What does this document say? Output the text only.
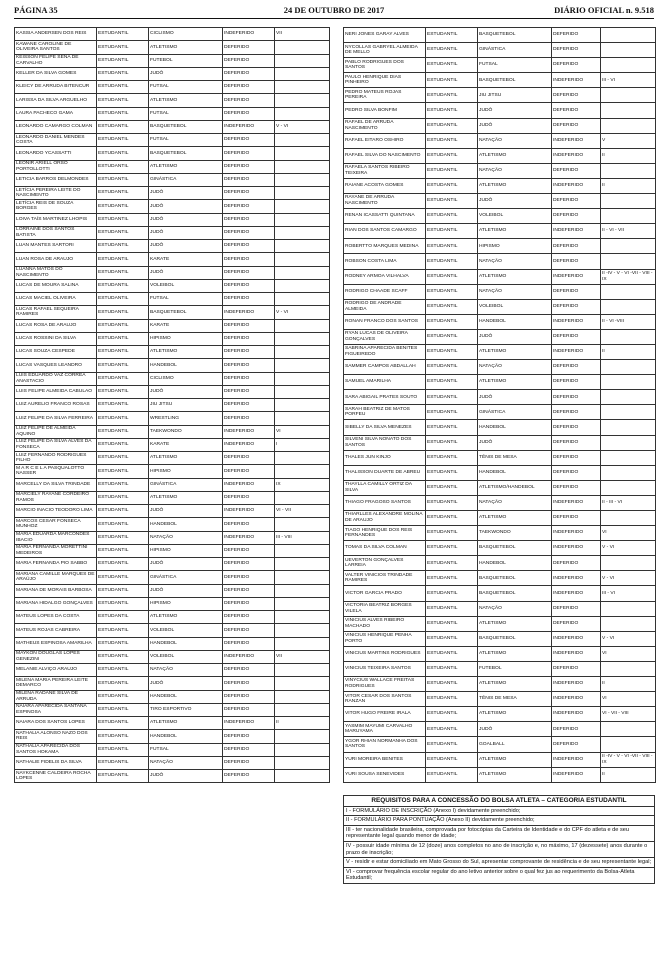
PÁGINA 35	24 DE OUTUBRO DE 2017	DIÁRIO OFICIAL n. 9.518
KASSIA ANDERSEN DOS REIS	ESTUDANTIL	CICLISMO	INDEFERIDO	VII
KAWANE CAROLINE DE OLIVEIRA SANTOS	ESTUDANTIL	ATLETISMO	DEFERIDO	
KEISSON FELIPE SENA DE CARVALHO	ESTUDANTIL	FUTEBOL	DEFERIDO	
KELLER DA SILVA GOMES	ESTUDANTIL	JUDÔ	DEFERIDO	
KLEICY DE ARRUDA BITENCUR	ESTUDANTIL	FUTSAL	DEFERIDO	
LARISSA DA SILVA ARGUELHO	ESTUDANTIL	ATLETISMO	DEFERIDO	
LAURA PACHECO GAMA	ESTUDANTIL	FUTSAL	DEFERIDO	
LEONARDO CAMARGO COLMAN	ESTUDANTIL	BASQUETEBOL	INDEFERIDO	V - VI
LEONARDO DANIEL MENDES COSTA	ESTUDANTIL	FUTSAL	DEFERIDO	
LEONARDO YCASSATTI	ESTUDANTIL	BASQUETEBOL	DEFERIDO	
LEONIR ARIELL ORSO PORTOLLOTTI	ESTUDANTIL	ATLETISMO	DEFERIDO	
LETICIA BARROS DELMONDES	ESTUDANTIL	GINÁSTICA	DEFERIDO	
LETÍCIA PEREIRA LEITE DO NASCIMENTO	ESTUDANTIL	JUDÔ	DEFERIDO	
LETÍCIA REIS DE SOUZA BORGES	ESTUDANTIL	JUDÔ	DEFERIDO	
LOIVA TAÍS MARTINEZ LHOPIS	ESTUDANTIL	JUDÔ	DEFERIDO	
LORRAINE DOS SANTOS BATISTA	ESTUDANTIL	JUDÔ	DEFERIDO	
LUAN MANTES SARTORI	ESTUDANTIL	JUDÔ	DEFERIDO	
LUAN ROSA DE ARAUJO	ESTUDANTIL	KARATE	DEFERIDO	
LUANNA MATOS DO NASCIMENTO	ESTUDANTIL	JUDÔ	DEFERIDO	
LUCAS DE MOURA SALINA	ESTUDANTIL	VOLEIBOL	DEFERIDO	
LUCAS MACIEL OLIVEIRA	ESTUDANTIL	FUTSAL	DEFERIDO	
LUCAS RAFAEL SEQUEIRA RAMIRES	ESTUDANTIL	BASQUETEBOL	INDEFERIDO	V - VI
LUCAS ROSA DE ARAUJO	ESTUDANTIL	KARATE	DEFERIDO	
LUCAS ROSSINI DA SILVA	ESTUDANTIL	HIPISMO	DEFERIDO	
LUCAS SOUZA CESPEDE	ESTUDANTIL	ATLETISMO	DEFERIDO	
LUCAS VASQUES LEANDRO	ESTUDANTIL	HANDEBOL	DEFERIDO	
LUIS EDUARDO VAZ CORREA ANASTACIO	ESTUDANTIL	CICLISMO	DEFERIDO	
LUIS FELIPE ALMEIDA CABULAO	ESTUDANTIL	JUDÔ	DEFERIDO	
LUIZ AURELIO FRANCO ROSAS	ESTUDANTIL	JIU JITSU	DEFERIDO	
LUIZ FELIPE DA SILVA FERREIRA	ESTUDANTIL	WRESTLING	DEFERIDO	
LUIZ FELIPE DE ALMEIDA AQUINO	ESTUDANTIL	TAEKWONDO	INDEFERIDO	VI
LUIZ FELIPE DA SILVA ALVES DA FONSECA	ESTUDANTIL	KARATE	INDEFERIDO	I
LUIZ FERNANDO RODRIGUES FILHO	ESTUDANTIL	ATLETISMO	DEFERIDO	
M A R C E L A PASQUALOTTO NASSER	ESTUDANTIL	HIPISMO	DEFERIDO	
MARCELLY DA SILVA TRINDADE	ESTUDANTIL	GINÁSTICA	INDEFERIDO	IX
MARCIELY RAYANE CORDEIRO RAMOS	ESTUDANTIL	ATLETISMO	DEFERIDO	
MARCIO INACIO TEODORO LIMA	ESTUDANTIL	JUDÔ	INDEFERIDO	VI - VII
MARCOS CESAR FONSECA MUNHOZ	ESTUDANTIL	HANDEBOL	DEFERIDO	
MARIA EDUARDA MARCONDES IBACIO	ESTUDANTIL	NATAÇÃO	INDEFERIDO	III - VIII
MARIA FERNANDA MORETTINI MEDEIROS	ESTUDANTIL	HIPISMO	DEFERIDO	
MARIA FERNANDA PIO SABBO	ESTUDANTIL	JUDÔ	DEFERIDO	
MARIANA CAMILLE MARQUES DE ARAÚJO	ESTUDANTIL	GINÁSTICA	DEFERIDO	
MARIANA DE MORAIS BARBOSA	ESTUDANTIL	JUDÔ	DEFERIDO	
MARIANA HIDALGO GONÇALVES	ESTUDANTIL	HIPISMO	DEFERIDO	
MATEUS LOPES DA COSTA	ESTUDANTIL	ATLETISMO	DEFERIDO	
MATEUS ROJAS CABREIRA	ESTUDANTIL	VOLEIBOL	DEFERIDO	
MATHEUS ESPINOSA AMARILHA	ESTUDANTIL	HANDEBOL	DEFERIDO	
MAYKON DOUGLAS LOPES GENEZINI	ESTUDANTIL	VOLEIBOL	INDEFERIDO	VII
MELANIE ALVIÇO ARAUJO	ESTUDANTIL	NATAÇÃO	DEFERIDO	
MILENA MARIA PEREIRA LEITE DEMARCO	ESTUDANTIL	JUDÔ	DEFERIDO	
MILENA RADANE SILVA DE ARRUDA	ESTUDANTIL	HANDEBOL	DEFERIDO	
NAIARA APARECIDA SANTANA ESPINOSA	ESTUDANTIL	TIRO ESPORTIVO	DEFERIDO	
NAIARA DOS SANTOS LOPES	ESTUDANTIL	ATLETISMO	INDEFERIDO	II
NATHALIA ALONSO NAZO DOS REIS	ESTUDANTIL	HANDEBOL	DEFERIDO	
NATHALIA APARECIDA DOS SANTOS HOKAMA	ESTUDANTIL	FUTSAL	DEFERIDO	
NATHALIE FIDELIS DA SILVA	ESTUDANTIL	NATAÇÃO	DEFERIDO	
NAYKCENNE CALDEIRA ROCHA LOPES	ESTUDANTIL	JUDÔ	DEFERIDO	
NERI JONES GARAY ALVES	ESTUDANTIL	BASQUETEBOL	DEFERIDO	
NYCOLLAS GABRYEL ALMEIDA DE MELLO	ESTUDANTIL	GINÁSTICA	DEFERIDO	
PABLO RODRIGUES DOS SANTOS	ESTUDANTIL	FUTSAL	DEFERIDO	
PAULO HENRIQUE DIAS PINHEIRO	ESTUDANTIL	BASQUETEBOL	INDEFERIDO	III - VI
PEDRO MATEUS ROJAS PEREIRA	ESTUDANTIL	JIU JITSU	DEFERIDO	
PEDRO SILVA BONFIM	ESTUDANTIL	JUDÔ	DEFERIDO	
RAFAEL DE ARRUDA NASCIMENTO	ESTUDANTIL	JUDÔ	DEFERIDO	
RAFAEL EITARO OSHIRO	ESTUDANTIL	NATAÇÃO	INDEFERIDO	V
RAFAEL SILVA DO NASCIMENTO	ESTUDANTIL	ATLETISMO	INDEFERIDO	II
RAFAELA SANTOS RIBEIRO TEIXEIRA	ESTUDANTIL	NATAÇÃO	DEFERIDO	
RAIANE ACOSTA GOMES	ESTUDANTIL	ATLETISMO	INDEFERIDO	II
RAYANE DE ARRUDA NASCIMENTO	ESTUDANTIL	JUDÔ	DEFERIDO	
RENAN ICASSATTI QUINTANA	ESTUDANTIL	VOLEIBOL	DEFERIDO	
RIAN DOS SANTOS CAMARGO	ESTUDANTIL	ATLETISMO	INDEFERIDO	II - VI - VII
ROBERTTO MARQUES MEDINA	ESTUDANTIL	HIPISMO	DEFERIDO	
ROBSON COSTA LIMA	ESTUDANTIL	NATAÇÃO	DEFERIDO	
RODNEY ARMOA VILHALVA	ESTUDANTIL	ATLETISMO	INDEFERIDO	II -IV - V - VI -VII - VIII - IX
RODRIGO CHAADE SCAFF	ESTUDANTIL	NATAÇÃO	DEFERIDO	
RODRIGO DE ANDRADE ALMEIDA	ESTUDANTIL	VOLEIBOL	DEFERIDO	
RONAN FRANCO DOS SANTOS	ESTUDANTIL	HANDEBOL	INDEFERIDO	II - VI -VIII
RYAN LUCAS DE OLIVEIRA GONÇALVES	ESTUDANTIL	JUDÔ	DEFERIDO	
SABRINA APARECIDA BENITES FIGUEIREDO	ESTUDANTIL	ATLETISMO	INDEFERIDO	II
SAMMER CAMPOS ABDALLAH	ESTUDANTIL	NATAÇÃO	DEFERIDO	
SAMUEL AMARILHA	ESTUDANTIL	ATLETISMO	DEFERIDO	
SARA ABIGAIL PRATES SOUTO	ESTUDANTIL	JUDÔ	DEFERIDO	
SARAH BEATRIZ DE MATOS PORFEU	ESTUDANTIL	GINÁSTICA	DEFERIDO	
SIBELLY DA SILVA MENEZES	ESTUDANTIL	HANDEBOL	DEFERIDO	
SILVENI SILVA NONATO DOS SANTOS	ESTUDANTIL	JUDÔ	DEFERIDO	
THALES JUN KINJO	ESTUDANTIL	TÊNIS DE MESA	DEFERIDO	
THALISSON DUARTE DE ABREU	ESTUDANTIL	HANDEBOL	DEFERIDO	
THAYLLA CAMILLY ORTIZ DA SILVA	ESTUDANTIL	ATLETISMO/HANDEBOL	DEFERIDO	
THIAGO FRAGOSO SANTOS	ESTUDANTIL	NATAÇÃO	INDEFERIDO	II - III - VI
THIARLLES ALEXANDRE MOLINA DE ARAUJO	ESTUDANTIL	ATLETISMO	DEFERIDO	
TIAGO HENRIQUE DOS REIS FERNANDES	ESTUDANTIL	TAEKWONDO	INDEFERIDO	VI
TOMAS DA SILVA COLMAN	ESTUDANTIL	BASQUETEBOL	INDEFERIDO	V - VI
UEVERTON GONÇALVES LARREIA	ESTUDANTIL	HANDEBOL	DEFERIDO	
VALTER VINICIOS TRINDADE RAMIRES	ESTUDANTIL	BASQUETEBOL	INDEFERIDO	V - VI
VICTOR GARCIA PRADO	ESTUDANTIL	BASQUETEBOL	INDEFERIDO	III - VI
VICTORIA BEATRIZ BORGES VILELA	ESTUDANTIL	NATAÇÃO	DEFERIDO	
VINICIUS ALVES RIBEIRO MACHADO	ESTUDANTIL	ATLETISMO	DEFERIDO	
VINICIUS HENRIQUE PENHA PORTO	ESTUDANTIL	BASQUETEBOL	INDEFERIDO	V - VI
VINICIUS MARTINS RODRIGUES	ESTUDANTIL	ATLETISMO	INDEFERIDO	VI
VINICIUS TEIXEIRA SANTOS	ESTUDANTIL	FUTEBOL	DEFERIDO	
VINYCIUS WALLACE FREITAS RODRIGUES	ESTUDANTIL	ATLETISMO	INDEFERIDO	II
VITOR CESAR DOS SANTOS RANZAN	ESTUDANTIL	TÊNIS DE MESA	INDEFERIDO	VI
VITOR HUGO FREIRE IRALA	ESTUDANTIL	ATLETISMO	INDEFERIDO	VI - VII - VIII
YASMIM MAYUMI CARVALHO MARUYAMA	ESTUDANTIL	JUDÔ	DEFERIDO	
YGOR RHIAN NORMANHA DOS SANTOS	ESTUDANTIL	GOALBALL	DEFERIDO	
YURI MOREIRA BENITES	ESTUDANTIL	ATLETISMO	INDEFERIDO	II -IV - V - VI -VII - VIII - IX
YURI SOUSA SENEVIDES	ESTUDANTIL	ATLETISMO	INDEFERIDO	II
REQUISITOS PARA A CONCESSÃO DO BOLSA ATLETA – CATEGORIA ESTUDANTIL
I - FORMULÁRIO DE INSCRIÇÃO (Anexo I) devidamente preenchido;
II - FORMULÁRIO PARA PONTUAÇÃO (Anexo II) devidamente preenchido;
III - ter nacionalidade brasileira, comprovada por fotocópias da Carteira de Identidade e do CPF do atleta e de seu representante legal quando menor de idade;
IV - possuir idade mínima de 12 (doze) anos completos no ano de inscrição e, no máximo, 17 (dezessete) anos durante o prazo de inscrição;
V - residir e estar domiciliado em Mato Grosso do Sul, apresentar comprovante de residência e de seu representante legal;
VI - comprovar frequência escolar regular do ano letivo anterior sobre o qual fez jus ao requerimento da Bolsa-Atleta Estudantil;
